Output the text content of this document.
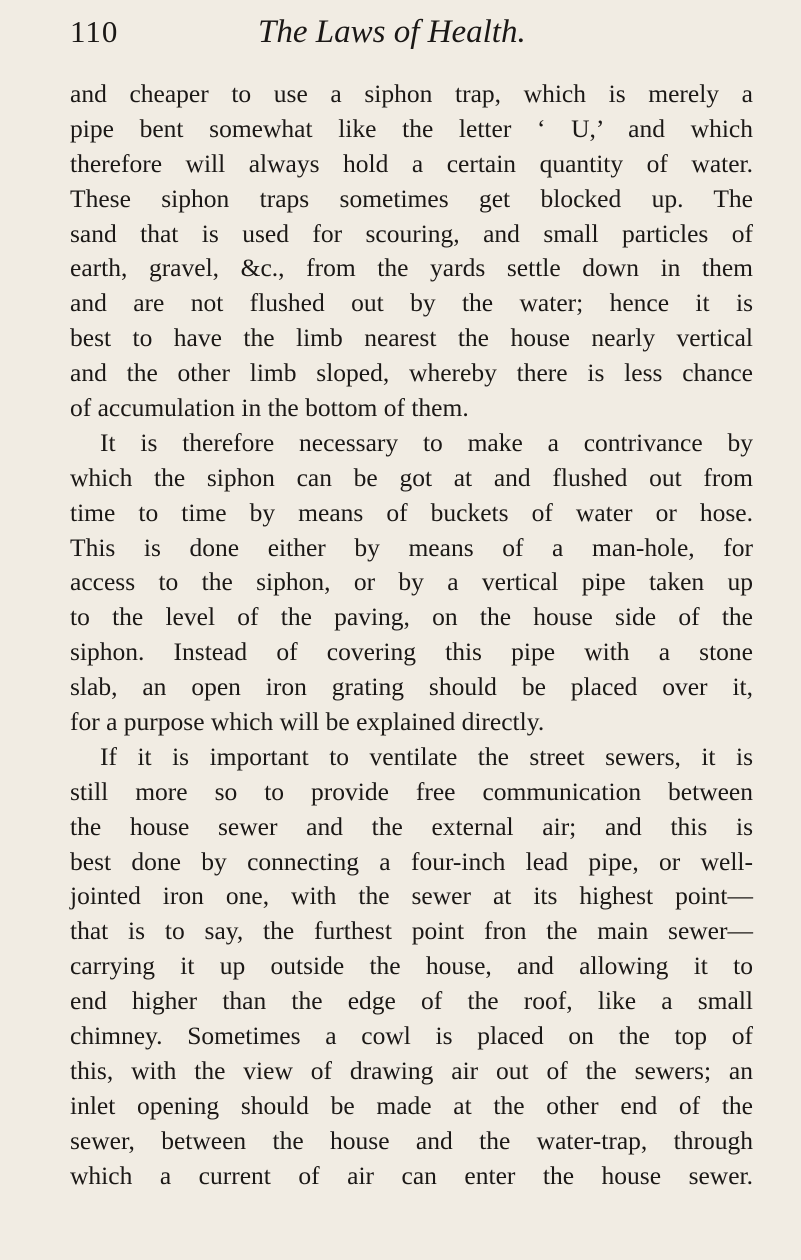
110	The Laws of Health.
and cheaper to use a siphon trap, which is merely a
pipe bent somewhat like the letter ‘ U,’ and which
therefore will always hold a certain quantity of water.
These siphon traps sometimes get blocked up. The
sand that is used for scouring, and small particles of
earth, gravel, &c., from the yards settle down in them
and are not flushed out by the water; hence it is
best to have the limb nearest the house nearly vertical
and the other limb sloped, whereby there is less chance
of accumulation in the bottom of them.
It is therefore necessary to make a contrivance by
which the siphon can be got at and flushed out from
time to time by means of buckets of water or hose.
This is done either by means of a man-hole, for
access to the siphon, or by a vertical pipe taken up
to the level of the paving, on the house side of the
siphon. Instead of covering this pipe with a stone
slab, an open iron grating should be placed over it,
for a purpose which will be explained directly.
If it is important to ventilate the street sewers, it is
still more so to provide free communication between
the house sewer and the external air; and this is
best done by connecting a four-inch lead pipe, or well-
jointed iron one, with the sewer at its highest point—
that is to say, the furthest point fron the main sewer—
carrying it up outside the house, and allowing it to
end higher than the edge of the roof, like a small
chimney. Sometimes a cowl is placed on the top of
this, with the view of drawing air out of the sewers; an
inlet opening should be made at the other end of the
sewer, between the house and the water-trap, through
which a current of air can enter the house sewer.
